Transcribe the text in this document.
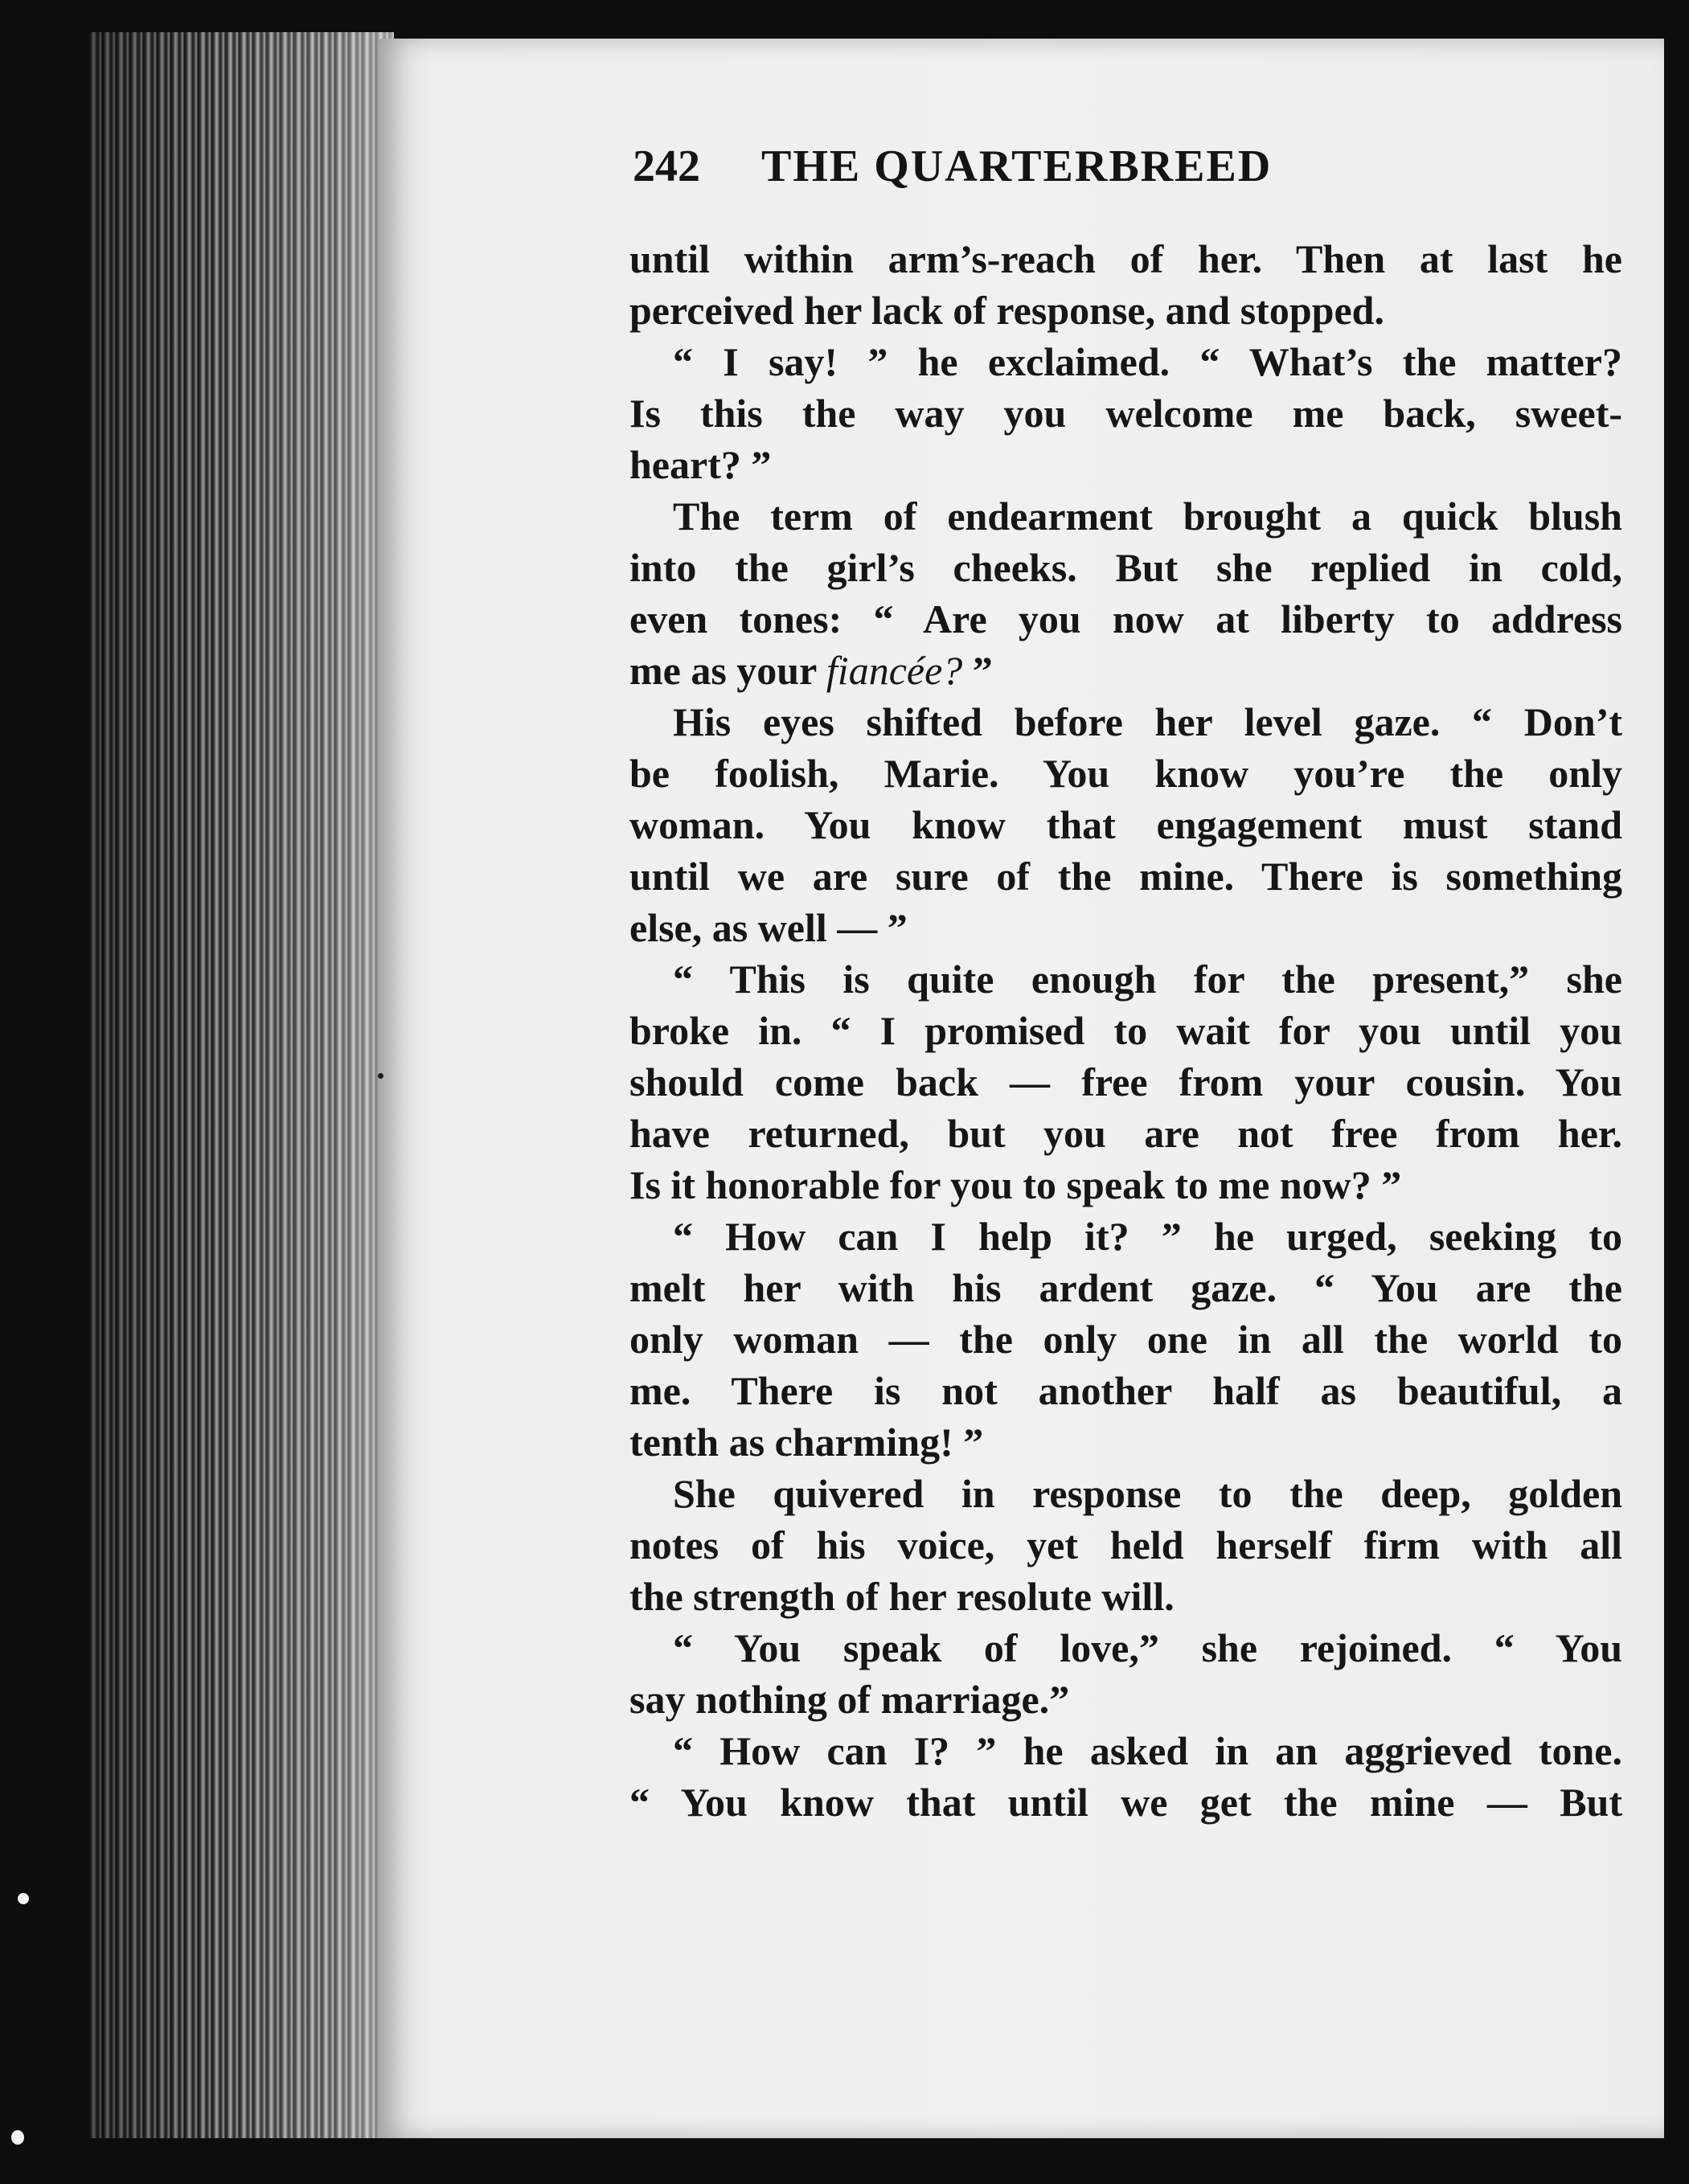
242 THE QUARTERBREED
until within arm’s-reach of her. Then at last he
perceived her lack of response, and stopped.
“ I say! ” he exclaimed. “ What’s the matter?
Is this the way you welcome me back, sweet-
heart? ”
The term of endearment brought a quick blush
into the girl’s cheeks. But she replied in cold,
even tones: “ Are you now at liberty to address
me as your fiancée? ”
His eyes shifted before her level gaze. “ Don’t
be foolish, Marie. You know you’re the only
woman. You know that engagement must stand
until we are sure of the mine. There is something
else, as well — ”
“ This is quite enough for the present,” she
broke in. “ I promised to wait for you until you
should come back — free from your cousin. You
have returned, but you are not free from her.
Is it honorable for you to speak to me now? ”
“ How can I help it? ” he urged, seeking to
melt her with his ardent gaze. “ You are the
only woman — the only one in all the world to
me. There is not another half as beautiful, a
tenth as charming! ”
She quivered in response to the deep, golden
notes of his voice, yet held herself firm with all
the strength of her resolute will.
“ You speak of love,” she rejoined. “ You
say nothing of marriage.”
“ How can I? ” he asked in an aggrieved tone.
“ You know that until we get the mine — But
